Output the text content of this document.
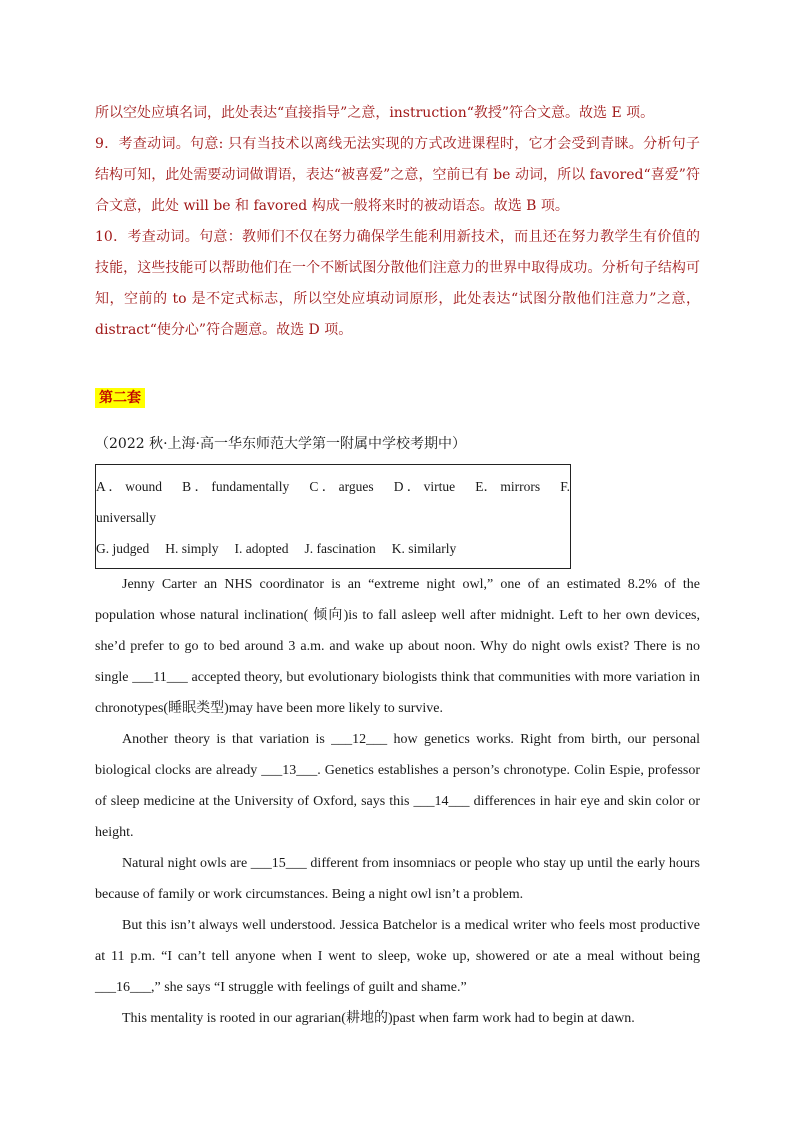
所以空处应填名词，此处表达“直接指导”之意，instruction“教授”符合文意。故选 E 项。

9．考查动词。句意: 只有当技术以离线无法实现的方式改进课程时，它才会受到青睐。分析句子结构可知，此处需要动词做谓语，表达“被喜爱”之意，空前已有 be 动词，所以 favored“喜爱”符合文意，此处 will be 和 favored 构成一般将来时的被动语态。故选 B 项。

10．考查动词。句意：教师们不仅在努力确保学生能利用新技术，而且还在努力教学生有价值的技能，这些技能可以帮助他们在一个不断试图分散他们注意力的世界中取得成功。分析句子结构可知，空前的 to 是不定式标志，所以空处应填动词原形，此处表达“试图分散他们注意力”之意，distract“使分心”符合题意。故选 D 项。

第二套
（2022 秋·上海·高一华东师范大学第一附属中学校考期中）
A ． wound B ． fundamentally C ． argues D ． virtue E． mirrors F.
universally
G. judged H. simply I. adopted J. fascination K. similarly

Jenny Carter an NHS coordinator is an “extreme night owl,” one of an estimated 8.2% of the population whose natural inclination( 倾向)is to fall asleep well after midnight. Left to her own devices, she’d prefer to go to bed around 3 a.m. and wake up about noon. Why do night owls exist? There is no single ___11___ accepted theory, but evolutionary biologists think that communities with more variation in chronotypes(睡眠类型)may have been more likely to survive.

Another theory is that variation is ___12___ how genetics works. Right from birth, our personal biological clocks are already ___13___. Genetics establishes a person’s chronotype. Colin Espie, professor of sleep medicine at the University of Oxford, says this ___14___ differences in hair eye and skin color or height.

Natural night owls are ___15___ different from insomniacs or people who stay up until the early hours because of family or work circumstances. Being a night owl isn’t a problem.

But this isn’t always well understood. Jessica Batchelor is a medical writer who feels most productive at 11 p.m. “I can’t tell anyone when I went to sleep, woke up, showered or ate a meal without being ___16___,” she says “I struggle with feelings of guilt and shame.”

This mentality is rooted in our agrarian(耕地的)past when farm work had to begin at dawn.
